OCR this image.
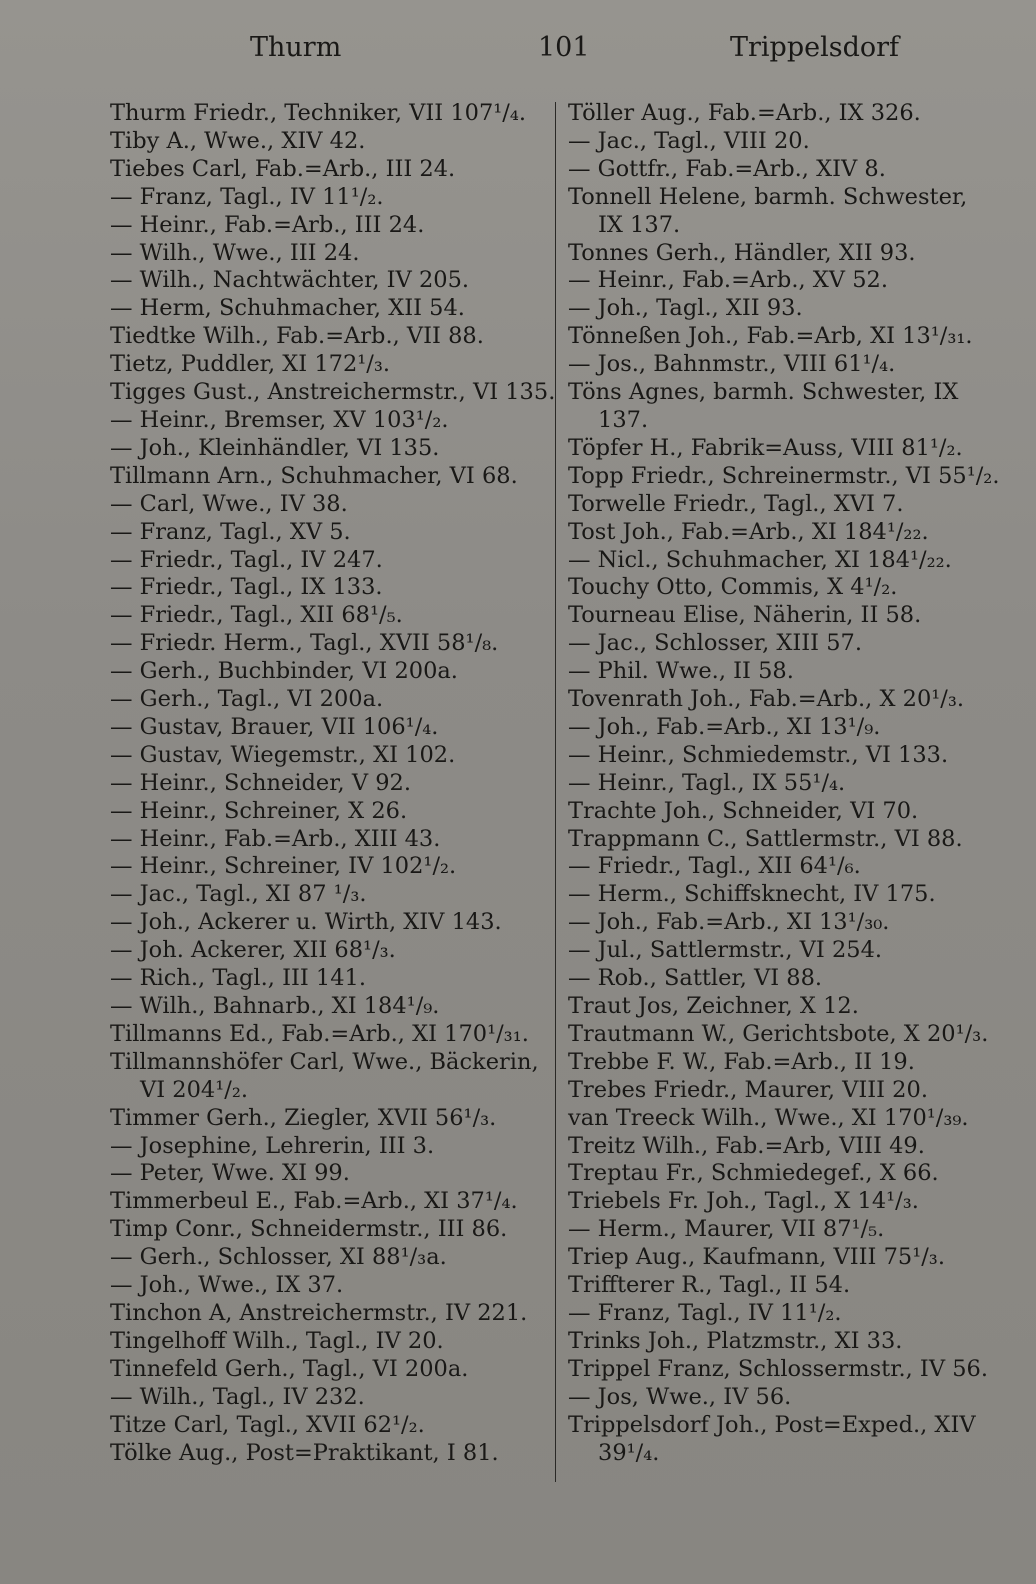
Thurm	101	Trippelsdorf
Thurm Friedr., Techniker, VII 107¹/₄.
Tiby A., Wwe., XIV 42.
Tiebes Carl, Fab.=Arb., III 24.
— Franz, Tagl., IV 11¹/₂.
— Heinr., Fab.=Arb., III 24.
— Wilh., Wwe., III 24.
— Wilh., Nachtwächter, IV 205.
— Herm, Schuhmacher, XII 54.
Tiedtke Wilh., Fab.=Arb., VII 88.
Tietz, Puddler, XI 172¹/₃.
Tigges Gust., Anstreichermstr., VI 135.
— Heinr., Bremser, XV 103¹/₂.
— Joh., Kleinhändler, VI 135.
Tillmann Arn., Schuhmacher, VI 68.
— Carl, Wwe., IV 38.
— Franz, Tagl., XV 5.
— Friedr., Tagl., IV 247.
— Friedr., Tagl., IX 133.
— Friedr., Tagl., XII 68¹/₅.
— Friedr. Herm., Tagl., XVII 58¹/₈.
— Gerh., Buchbinder, VI 200a.
— Gerh., Tagl., VI 200a.
— Gustav, Brauer, VII 106¹/₄.
— Gustav, Wiegemstr., XI 102.
— Heinr., Schneider, V 92.
— Heinr., Schreiner, X 26.
— Heinr., Fab.=Arb., XIII 43.
— Heinr., Schreiner, IV 102¹/₂.
— Jac., Tagl., XI 87 ¹/₃.
— Joh., Ackerer u. Wirth, XIV 143.
— Joh. Ackerer, XII 68¹/₃.
— Rich., Tagl., III 141.
— Wilh., Bahnarb., XI 184¹/₉.
Tillmanns Ed., Fab.=Arb., XI 170¹/₃₁.
Tillmannshöfer Carl, Wwe., Bäckerin,
VI 204¹/₂.
Timmer Gerh., Ziegler, XVII 56¹/₃.
— Josephine, Lehrerin, III 3.
— Peter, Wwe. XI 99.
Timmerbeul E., Fab.=Arb., XI 37¹/₄.
Timp Conr., Schneidermstr., III 86.
— Gerh., Schlosser, XI 88¹/₃a.
— Joh., Wwe., IX 37.
Tinchon A, Anstreichermstr., IV 221.
Tingelhoff Wilh., Tagl., IV 20.
Tinnefeld Gerh., Tagl., VI 200a.
— Wilh., Tagl., IV 232.
Titze Carl, Tagl., XVII 62¹/₂.
Tölke Aug., Post=Praktikant, I 81.
Töller Aug., Fab.=Arb., IX 326.
— Jac., Tagl., VIII 20.
— Gottfr., Fab.=Arb., XIV 8.
Tonnell Helene, barmh. Schwester,
IX 137.
Tonnes Gerh., Händler, XII 93.
— Heinr., Fab.=Arb., XV 52.
— Joh., Tagl., XII 93.
Tönneßen Joh., Fab.=Arb, XI 13¹/₃₁.
— Jos., Bahnmstr., VIII 61¹/₄.
Töns Agnes, barmh. Schwester, IX
137.
Töpfer H., Fabrik=Auss, VIII 81¹/₂.
Topp Friedr., Schreinermstr., VI 55¹/₂.
Torwelle Friedr., Tagl., XVI 7.
Tost Joh., Fab.=Arb., XI 184¹/₂₂.
— Nicl., Schuhmacher, XI 184¹/₂₂.
Touchy Otto, Commis, X 4¹/₂.
Tourneau Elise, Näherin, II 58.
— Jac., Schlosser, XIII 57.
— Phil. Wwe., II 58.
Tovenrath Joh., Fab.=Arb., X 20¹/₃.
— Joh., Fab.=Arb., XI 13¹/₉.
— Heinr., Schmiedemstr., VI 133.
— Heinr., Tagl., IX 55¹/₄.
Trachte Joh., Schneider, VI 70.
Trappmann C., Sattlermstr., VI 88.
— Friedr., Tagl., XII 64¹/₆.
— Herm., Schiffsknecht, IV 175.
— Joh., Fab.=Arb., XI 13¹/₃₀.
— Jul., Sattlermstr., VI 254.
— Rob., Sattler, VI 88.
Traut Jos, Zeichner, X 12.
Trautmann W., Gerichtsbote, X 20¹/₃.
Trebbe F. W., Fab.=Arb., II 19.
Trebes Friedr., Maurer, VIII 20.
van Treeck Wilh., Wwe., XI 170¹/₃₉.
Treitz Wilh., Fab.=Arb, VIII 49.
Treptau Fr., Schmiedegef., X 66.
Triebels Fr. Joh., Tagl., X 14¹/₃.
— Herm., Maurer, VII 87¹/₅.
Triep Aug., Kaufmann, VIII 75¹/₃.
Triffterer R., Tagl., II 54.
— Franz, Tagl., IV 11¹/₂.
Trinks Joh., Platzmstr., XI 33.
Trippel Franz, Schlossermstr., IV 56.
— Jos, Wwe., IV 56.
Trippelsdorf Joh., Post=Exped., XIV
39¹/₄.
